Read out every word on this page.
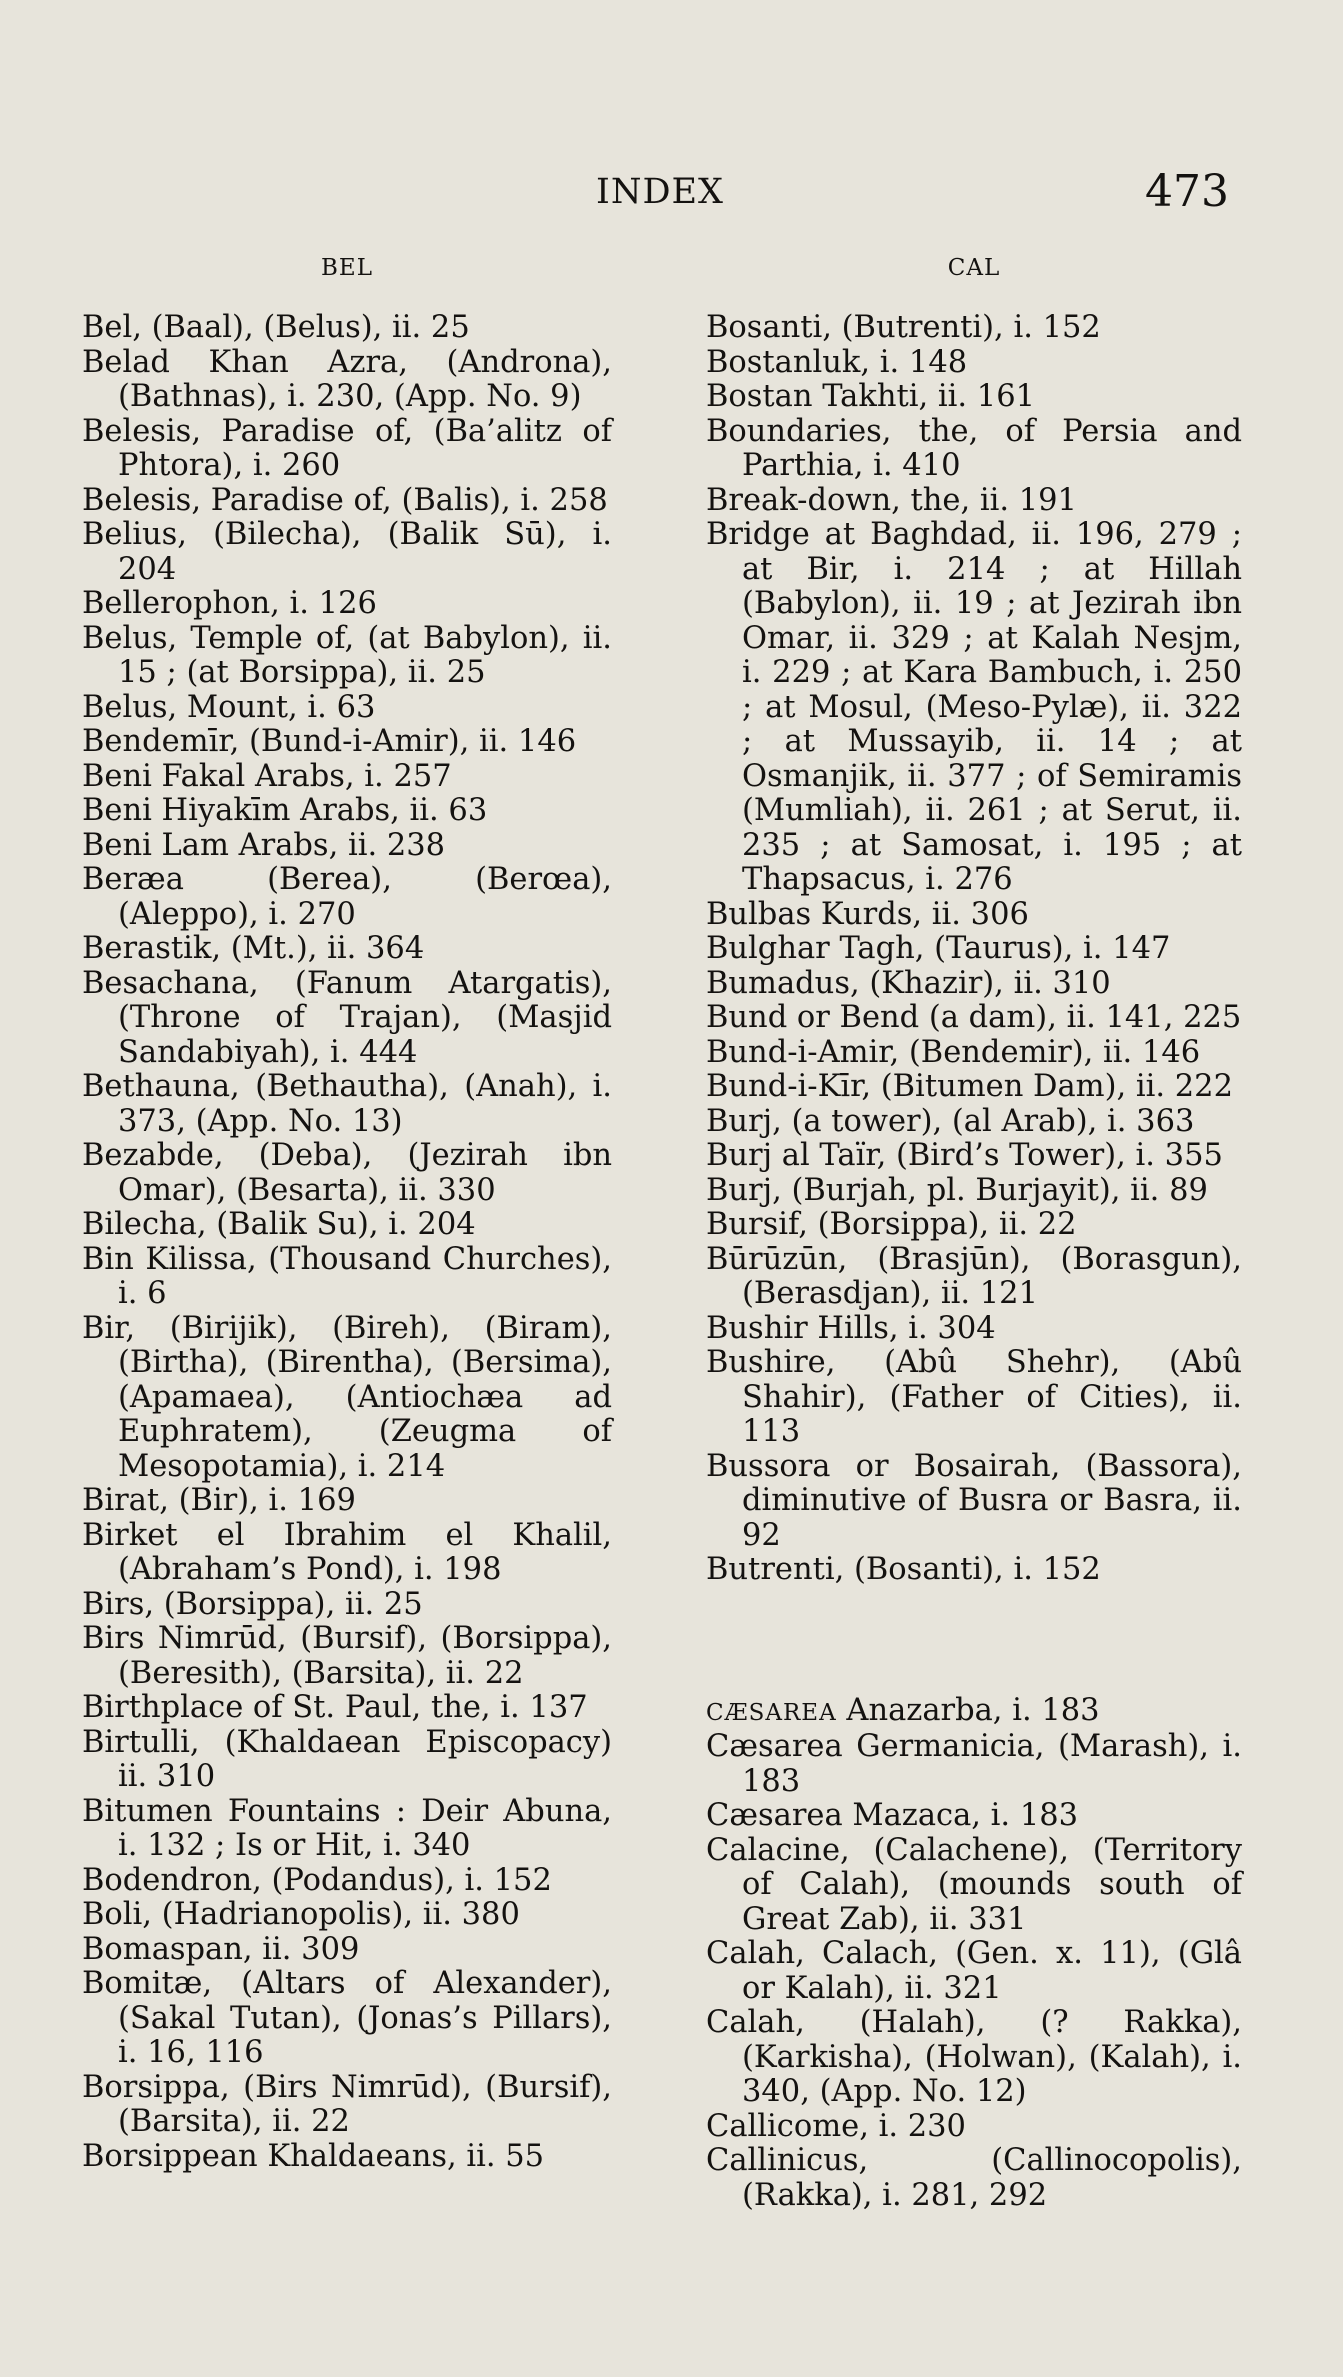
INDEX	473
BEL
Bel, (Baal), (Belus), ii. 25
Belad Khan Azra, (Androna), (Bathnas), i. 230, (App. No. 9)
Belesis, Paradise of, (Ba’alitz of Phtora), i. 260
Belesis, Paradise of, (Balis), i. 258
Belius, (Bilecha), (Balik Sū), i. 204
Bellerophon, i. 126
Belus, Temple of, (at Babylon), ii. 15 ; (at Borsippa), ii. 25
Belus, Mount, i. 63
Bendemīr, (Bund-i-Amir), ii. 146
Beni Fakal Arabs, i. 257
Beni Hiyakīm Arabs, ii. 63
Beni Lam Arabs, ii. 238
Beræa (Berea), (Berœa), (Aleppo), i. 270
Berastik, (Mt.), ii. 364
Besachana, (Fanum Atargatis), (Throne of Trajan), (Masjid Sandabiyah), i. 444
Bethauna, (Bethautha), (Anah), i. 373, (App. No. 13)
Bezabde, (Deba), (Jezirah ibn Omar), (Besarta), ii. 330
Bilecha, (Balik Su), i. 204
Bin Kilissa, (Thousand Churches), i. 6
Bir, (Birijik), (Bireh), (Biram), (Birtha), (Birentha), (Bersima), (Apamaea), (Antiochæa ad Euphratem), (Zeugma of Mesopotamia), i. 214
Birat, (Bir), i. 169
Birket el Ibrahim el Khalil, (Abraham’s Pond), i. 198
Birs, (Borsippa), ii. 25
Birs Nimrūd, (Bursif), (Borsippa), (Beresith), (Barsita), ii. 22
Birthplace of St. Paul, the, i. 137
Birtulli, (Khaldaean Episcopacy) ii. 310
Bitumen Fountains : Deir Abuna, i. 132 ; Is or Hit, i. 340
Bodendron, (Podandus), i. 152
Boli, (Hadrianopolis), ii. 380
Bomaspan, ii. 309
Bomitæ, (Altars of Alexander), (Sakal Tutan), (Jonas’s Pillars), i. 16, 116
Borsippa, (Birs Nimrūd), (Bursif), (Barsita), ii. 22
Borsippean Khaldaeans, ii. 55
CAL
Bosanti, (Butrenti), i. 152
Bostanluk, i. 148
Bostan Takhti, ii. 161
Boundaries, the, of Persia and Parthia, i. 410
Break-down, the, ii. 191
Bridge at Baghdad, ii. 196, 279 ; at Bir, i. 214 ; at Hillah (Babylon), ii. 19 ; at Jezirah ibn Omar, ii. 329 ; at Kalah Nesjm, i. 229 ; at Kara Bambuch, i. 250 ; at Mosul, (Meso-Pylæ), ii. 322 ; at Mussayib, ii. 14 ; at Osmanjik, ii. 377 ; of Semiramis (Mumliah), ii. 261 ; at Serut, ii. 235 ; at Samosat, i. 195 ; at Thapsacus, i. 276
Bulbas Kurds, ii. 306
Bulghar Tagh, (Taurus), i. 147
Bumadus, (Khazir), ii. 310
Bund or Bend (a dam), ii. 141, 225
Bund-i-Amir, (Bendemir), ii. 146
Bund-i-Kīr, (Bitumen Dam), ii. 222
Burj, (a tower), (al Arab), i. 363
Burj al Taïr, (Bird’s Tower), i. 355
Burj, (Burjah, pl. Burjayit), ii. 89
Bursif, (Borsippa), ii. 22
Būrūzūn, (Brasjūn), (Borasgun), (Berasdjan), ii. 121
Bushir Hills, i. 304
Bushire, (Abû Shehr), (Abû Shahir), (Father of Cities), ii. 113
Bussora or Bosairah, (Bassora), diminutive of Busra or Basra, ii. 92
Butrenti, (Bosanti), i. 152
CÆSAREA Anazarba, i. 183
Cæsarea Germanicia, (Marash), i. 183
Cæsarea Mazaca, i. 183
Calacine, (Calachene), (Territory of Calah), (mounds south of Great Zab), ii. 331
Calah, Calach, (Gen. x. 11), (Glâ or Kalah), ii. 321
Calah, (Halah), (? Rakka), (Karkisha), (Holwan), (Kalah), i. 340, (App. No. 12)
Callicome, i. 230
Callinicus, (Callinocopolis), (Rakka), i. 281, 292
